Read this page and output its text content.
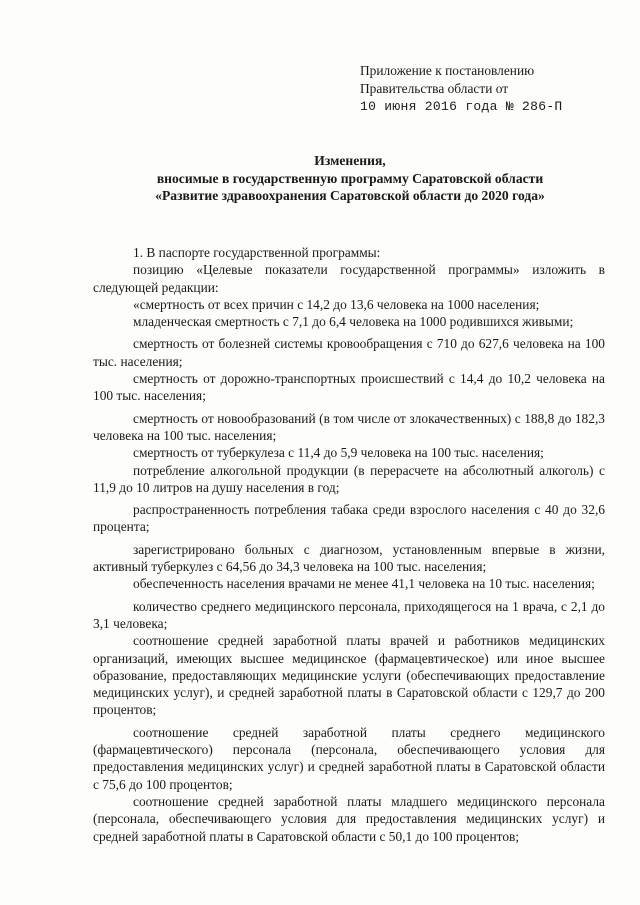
Приложение к постановлению
Правительства области от
10 июня 2016 года № 286-П
Изменения,
вносимые в государственную программу Саратовской области
«Развитие здравоохранения Саратовской области до 2020 года»

1. В паспорте государственной программы:

позицию «Целевые показатели государственной программы» изложить в следующей редакции:

«смертность от всех причин с 14,2 до 13,6 человека на 1000 населения;

младенческая смертность с 7,1 до 6,4 человека на 1000 родившихся живыми;

смертность от болезней системы кровообращения с 710 до 627,6 человека на 100 тыс. населения;

смертность от дорожно-транспортных происшествий с 14,4 до 10,2 человека на 100 тыс. населения;

смертность от новообразований (в том числе от злокачественных) с 188,8 до 182,3 человека на 100 тыс. населения;

смертность от туберкулеза с 11,4 до 5,9 человека на 100 тыс. населения;

потребление алкогольной продукции (в перерасчете на абсолютный алкоголь) с 11,9 до 10 литров на душу населения в год;

распространенность потребления табака среди взрослого населения с 40 до 32,6 процента;

зарегистрировано больных с диагнозом, установленным впервые в жизни, активный туберкулез с 64,56 до 34,3 человека на 100 тыс. населения;

обеспеченность населения врачами не менее 41,1 человека на 10 тыс. населения;

количество среднего медицинского персонала, приходящегося на 1 врача, с 2,1 до 3,1 человека;

соотношение средней заработной платы врачей и работников медицинских организаций, имеющих высшее медицинское (фармацевтическое) или иное высшее образование, предоставляющих медицинские услуги (обеспечивающих предоставление медицинских услуг), и средней заработной платы в Саратовской области с 129,7 до 200 процентов;

соотношение средней заработной платы среднего медицинского (фармацевтического) персонала (персонала, обеспечивающего условия для предоставления медицинских услуг) и средней заработной платы в Саратовской области с 75,6 до 100 процентов;

соотношение средней заработной платы младшего медицинского персонала (персонала, обеспечивающего условия для предоставления медицинских услуг) и средней заработной платы в Саратовской области с 50,1 до 100 процентов;
